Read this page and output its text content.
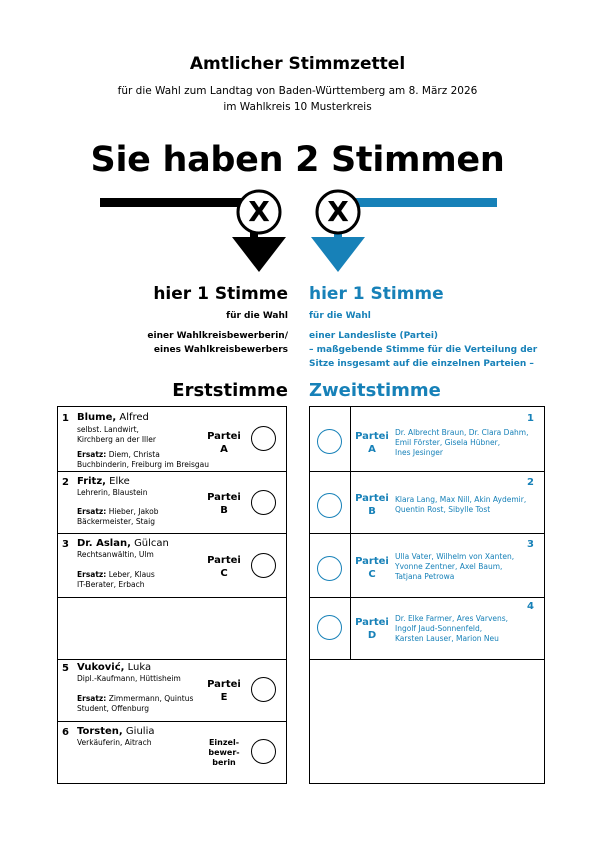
Amtlicher Stimmzettel
für die Wahl zum Landtag von Baden-Württemberg am 8. März 2026
im Wahlkreis 10 Musterkreis
Sie haben 2 Stimmen
X	X
hier 1 Stimme
für die Wahl
einer Wahlkreisbewerberin/
eines Wahlkreisbewerbers
Erststimme
hier 1 Stimme
für die Wahl
einer Landesliste (Partei)
– maßgebende Stimme für die Verteilung der
Sitze insgesamt auf die einzelnen Parteien –
Zweitstimme
1 Blume, Alfred
selbst. Landwirt,
Kirchberg an der Iller
Ersatz: Diem, Christa
Buchbinderin, Freiburg im Breisgau
Partei
A
2 Fritz, Elke
Lehrerin, Blaustein
Ersatz: Hieber, Jakob
Bäckermeister, Staig
Partei
B
3 Dr. Aslan, Gülcan
Rechtsanwältin, Ulm
Ersatz: Leber, Klaus
IT-Berater, Erbach
Partei
C
5 Vuković, Luka
Dipl.-Kaufmann, Hüttisheim
Ersatz: Zimmermann, Quintus
Student, Offenburg
Partei
E
6 Torsten, Giulia
Verkäuferin, Aitrach	Einzel-
bewer-
berin
Partei
A
Dr. Albrecht Braun, Dr. Clara Dahm,
Emil Förster, Gisela Hübner,
Ines Jesinger
1
Partei
B
Klara Lang, Max Nill, Akin Aydemir,
Quentin Rost, Sibylle Tost
2
Partei
C
Ulla Vater, Wilhelm von Xanten,
Yvonne Zentner, Axel Baum,
Tatjana Petrowa
3
Partei
D
Dr. Elke Farmer, Ares Varvens,
Ingolf Jaud-Sonnenfeld,
Karsten Lauser, Marion Neu
4
